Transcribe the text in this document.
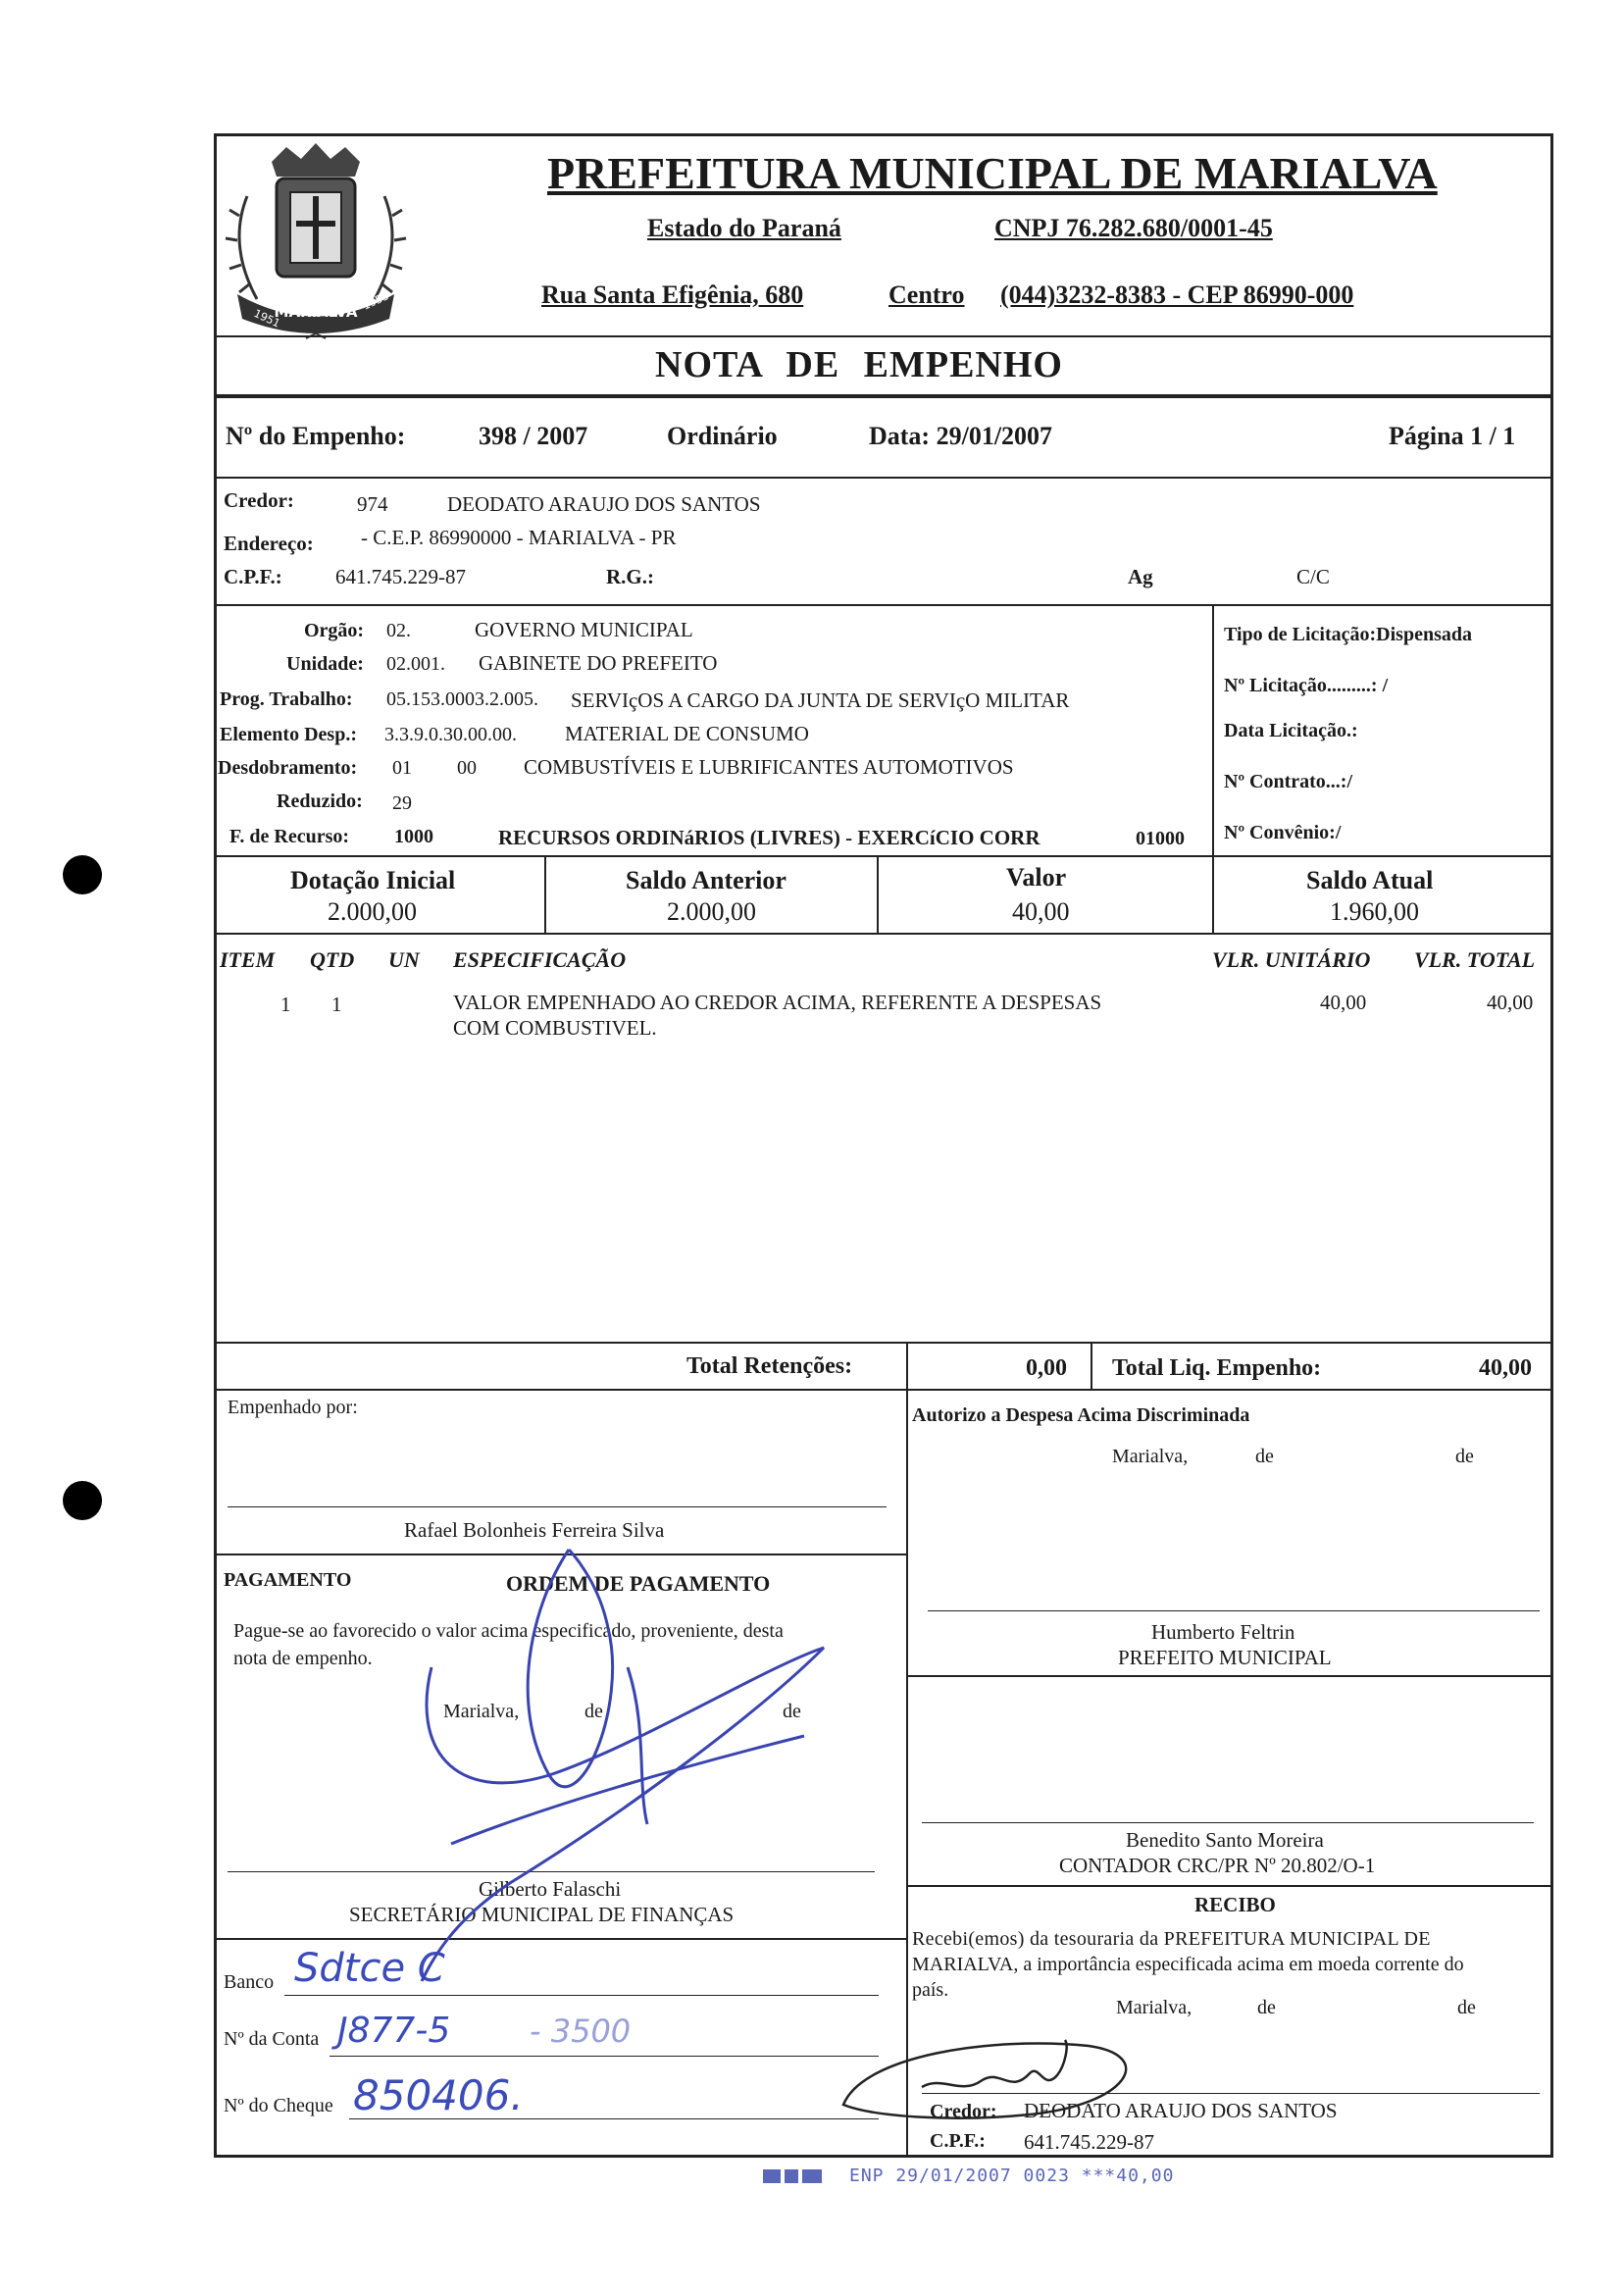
MARIALVA
1951
1953
PREFEITURA MUNICIPAL DE MARIALVA
Estado do Paraná	CNPJ 76.282.680/0001-45
Rua Santa Efigênia, 680	Centro (044)3232-8383 - CEP 86990-000
NOTA DE EMPENHO
Nº do Empenho:	398 / 2007	Ordinário	Data: 29/01/2007	Página 1 / 1
Credor:	974	DEODATO ARAUJO DOS SANTOS
Endereço: - C.E.P. 86990000 - MARIALVA - PR
C.P.F.:	641.745.229-87	R.G.:	Ag	C/C
Orgão: 02.	GOVERNO MUNICIPAL
Unidade: 02.001. GABINETE DO PREFEITO
Prog. Trabalho: 05.153.0003.2.005. SERVIçOS A CARGO DA JUNTA DE SERVIçO MILITAR
Elemento Desp.: 3.3.9.0.30.00.00. MATERIAL DE CONSUMO
Desdobramento: 01 00 COMBUSTÍVEIS E LUBRIFICANTES AUTOMOTIVOS
Reduzido: 29
F. de Recurso: 1000	RECURSOS ORDINáRIOS (LIVRES) - EXERCíCIO CORR	01000
Tipo de Licitação:Dispensada
Nº Licitação.........: /
Data Licitação.:
Nº Contrato...:/
Nº Convênio:/
Dotação Inicial
2.000,00
Saldo Anterior
2.000,00
Valor
40,00
Saldo Atual
1.960,00
ITEM QTD UN ESPECIFICAÇÃO	VLR. UNITÁRIO VLR. TOTAL
1 1	VALOR EMPENHADO AO CREDOR ACIMA, REFERENTE A DESPESAS
COM COMBUSTIVEL.
40,00	40,00
Total Retenções:	0,00 Total Liq. Empenho:	40,00
Empenhado por:
Rafael Bolonheis Ferreira Silva
Autorizo a Despesa Acima Discriminada
Marialva,	de	de
Humberto Feltrin
PREFEITO MUNICIPAL
Benedito Santo Moreira
CONTADOR CRC/PR Nº 20.802/O-1
PAGAMENTO	ORDEM DE PAGAMENTO
Pague-se ao favorecido o valor acima especificado, proveniente, desta
nota de empenho.
Marialva,	de	de
Gilberto Falaschi
SECRETÁRIO MUNICIPAL DE FINANÇAS
Banco Sdtce C
Nº da Conta J877-5	- 3500
Nº do Cheque 850406.
RECIBO
Recebi(emos) da tesouraria da PREFEITURA MUNICIPAL DE
MARIALVA, a importância especificada acima em moeda corrente do
país.
Marialva,	de	de
Credor: DEODATO ARAUJO DOS SANTOS
C.P.F.: 641.745.229-87
ENP 29/01/2007 0023 ***40,00
